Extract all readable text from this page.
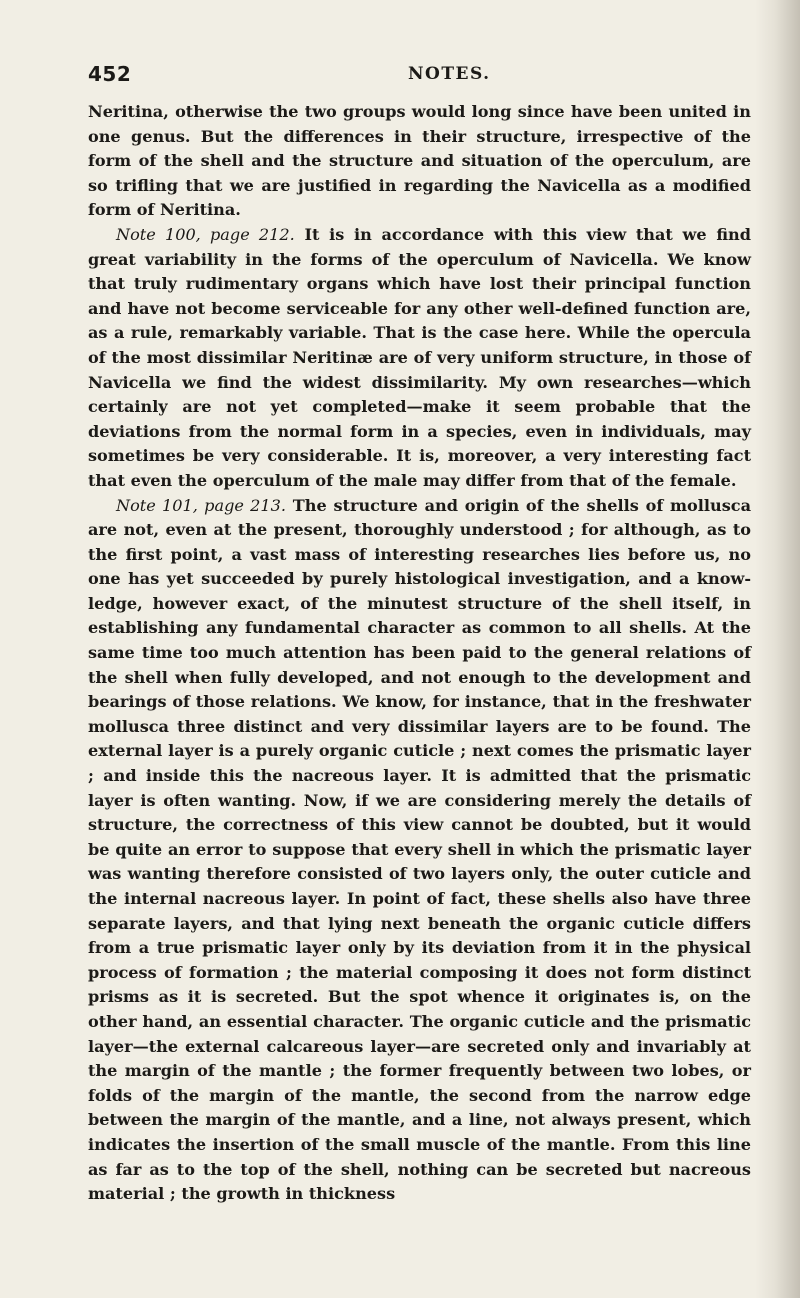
452	NOTES.

Neritina, otherwise the two groups would long since have been united in one genus. But the differences in their structure, irrespective of the form of the shell and the structure and situation of the operculum, are so trifling that we are justified in regarding the Navicella as a modified form of Neritina.

Note 100, page 212. It is in accordance with this view that we find great variability in the forms of the operculum of Navicella. We know that truly rudimentary organs which have lost their principal function and have not become serviceable for any other well-defined function are, as a rule, remarkably variable. That is the case here. While the opercula of the most dissimilar Neritinæ are of very uniform structure, in those of Navicella we find the widest dissimilarity. My own researches—which certainly are not yet completed—make it seem probable that the deviations from the normal form in a species, even in individuals, may sometimes be very considerable. It is, moreover, a very interesting fact that even the operculum of the male may differ from that of the female.

Note 101, page 213. The structure and origin of the shells of mollusca are not, even at the present, thoroughly understood ; for although, as to the first point, a vast mass of interesting researches lies before us, no one has yet succeeded by purely histological investigation, and a knowledge, however exact, of the minutest structure of the shell itself, in establishing any fundamental character as common to all shells. At the same time too much attention has been paid to the general relations of the shell when fully developed, and not enough to the development and bearings of those relations. We know, for instance, that in the freshwater mollusca three distinct and very dissimilar layers are to be found. The external layer is a purely organic cuticle ; next comes the prismatic layer ; and inside this the nacreous layer. It is admitted that the prismatic layer is often wanting. Now, if we are considering merely the details of structure, the correctness of this view cannot be doubted, but it would be quite an error to suppose that every shell in which the prismatic layer was wanting therefore consisted of two layers only, the outer cuticle and the internal nacreous layer. In point of fact, these shells also have three separate layers, and that lying next beneath the organic cuticle differs from a true prismatic layer only by its deviation from it in the physical process of formation ; the material composing it does not form distinct prisms as it is secreted. But the spot whence it originates is, on the other hand, an essential character. The organic cuticle and the prismatic layer—the external calcareous layer—are secreted only and invariably at the margin of the mantle ; the former frequently between two lobes, or folds of the margin of the mantle, the second from the narrow edge between the margin of the mantle, and a line, not always present, which indicates the insertion of the small muscle of the mantle. From this line as far as to the top of the shell, nothing can be secreted but nacreous material ; the growth in thickness
